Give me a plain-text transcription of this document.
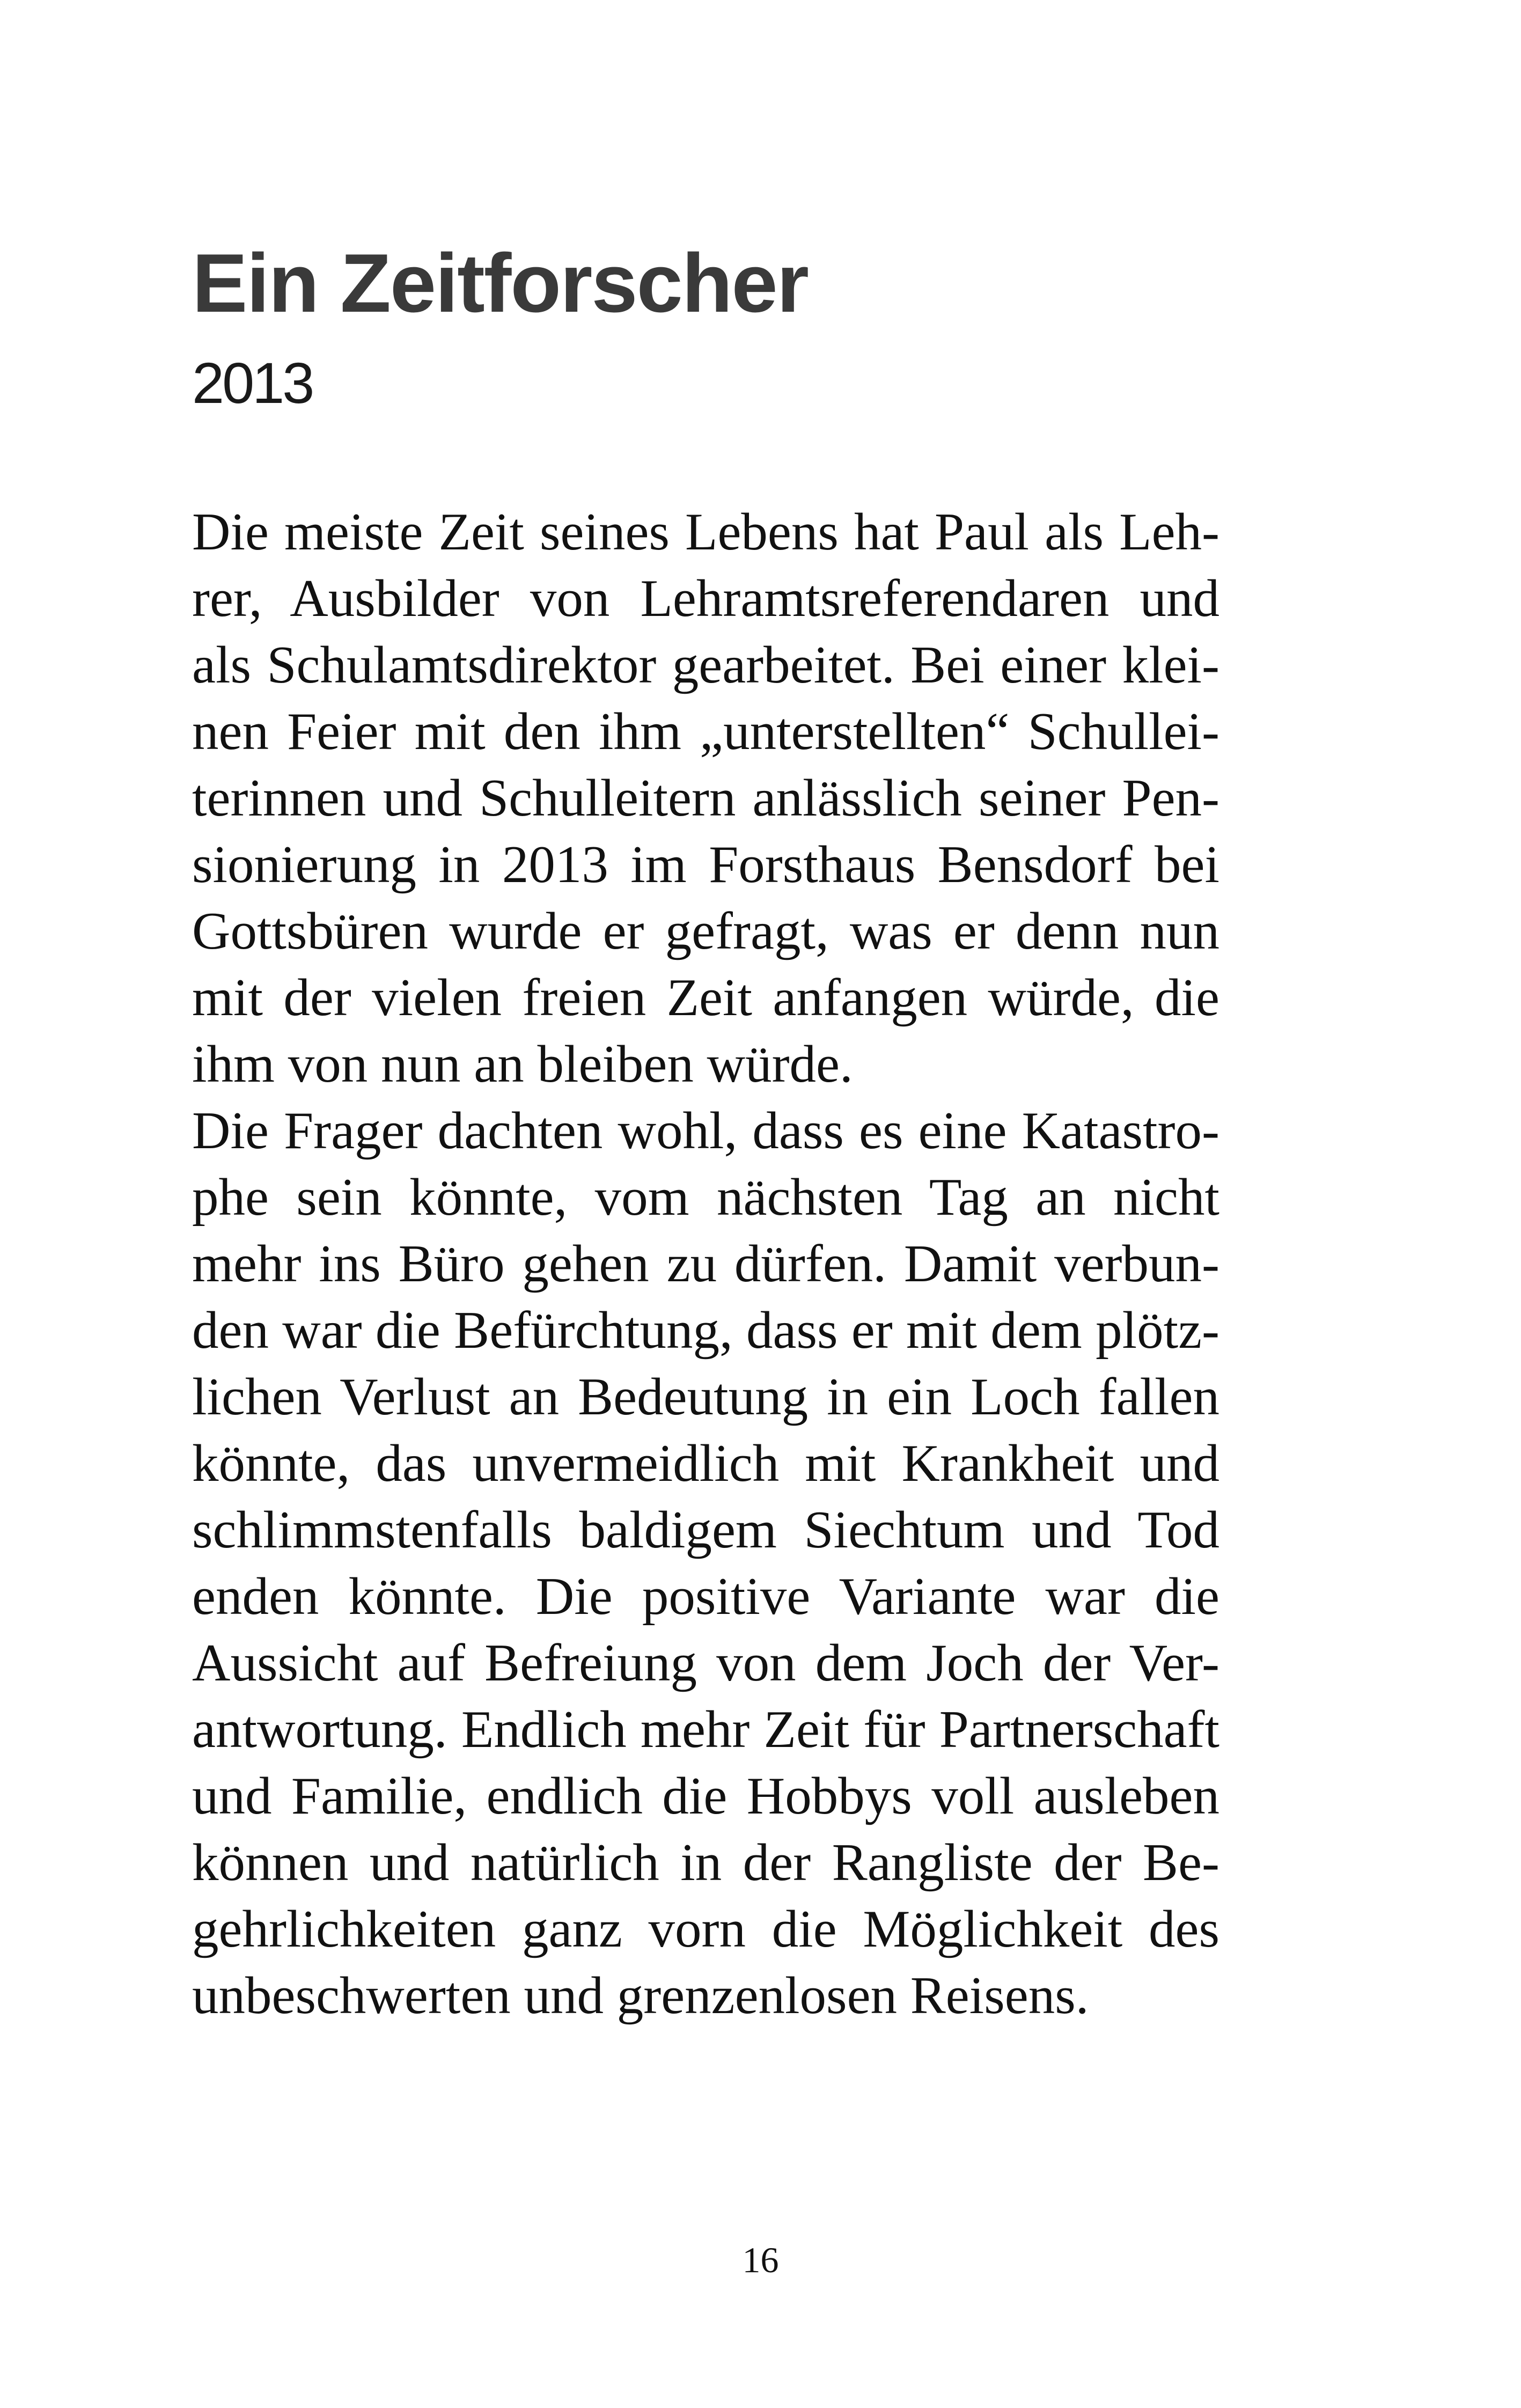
Ein Zeitforscher
2013
Die meiste Zeit seines Lebens hat Paul als Leh-
rer, Ausbilder von Lehramtsreferendaren und
als Schulamtsdirektor gearbeitet. Bei einer klei-
nen Feier mit den ihm „unterstellten“ Schullei-
terinnen und Schulleitern anlässlich seiner Pen-
sionierung in 2013 im Forsthaus Bensdorf bei
Gottsbüren wurde er gefragt, was er denn nun
mit der vielen freien Zeit anfangen würde, die
ihm von nun an bleiben würde.
Die Frager dachten wohl, dass es eine Katastro-
phe sein könnte, vom nächsten Tag an nicht
mehr ins Büro gehen zu dürfen. Damit verbun-
den war die Befürchtung, dass er mit dem plötz-
lichen Verlust an Bedeutung in ein Loch fallen
könnte, das unvermeidlich mit Krankheit und
schlimmstenfalls baldigem Siechtum und Tod
enden könnte. Die positive Variante war die
Aussicht auf Befreiung von dem Joch der Ver-
antwortung. Endlich mehr Zeit für Partnerschaft
und Familie, endlich die Hobbys voll ausleben
können und natürlich in der Rangliste der Be-
gehrlichkeiten ganz vorn die Möglichkeit des
unbeschwerten und grenzenlosen Reisens.
16
